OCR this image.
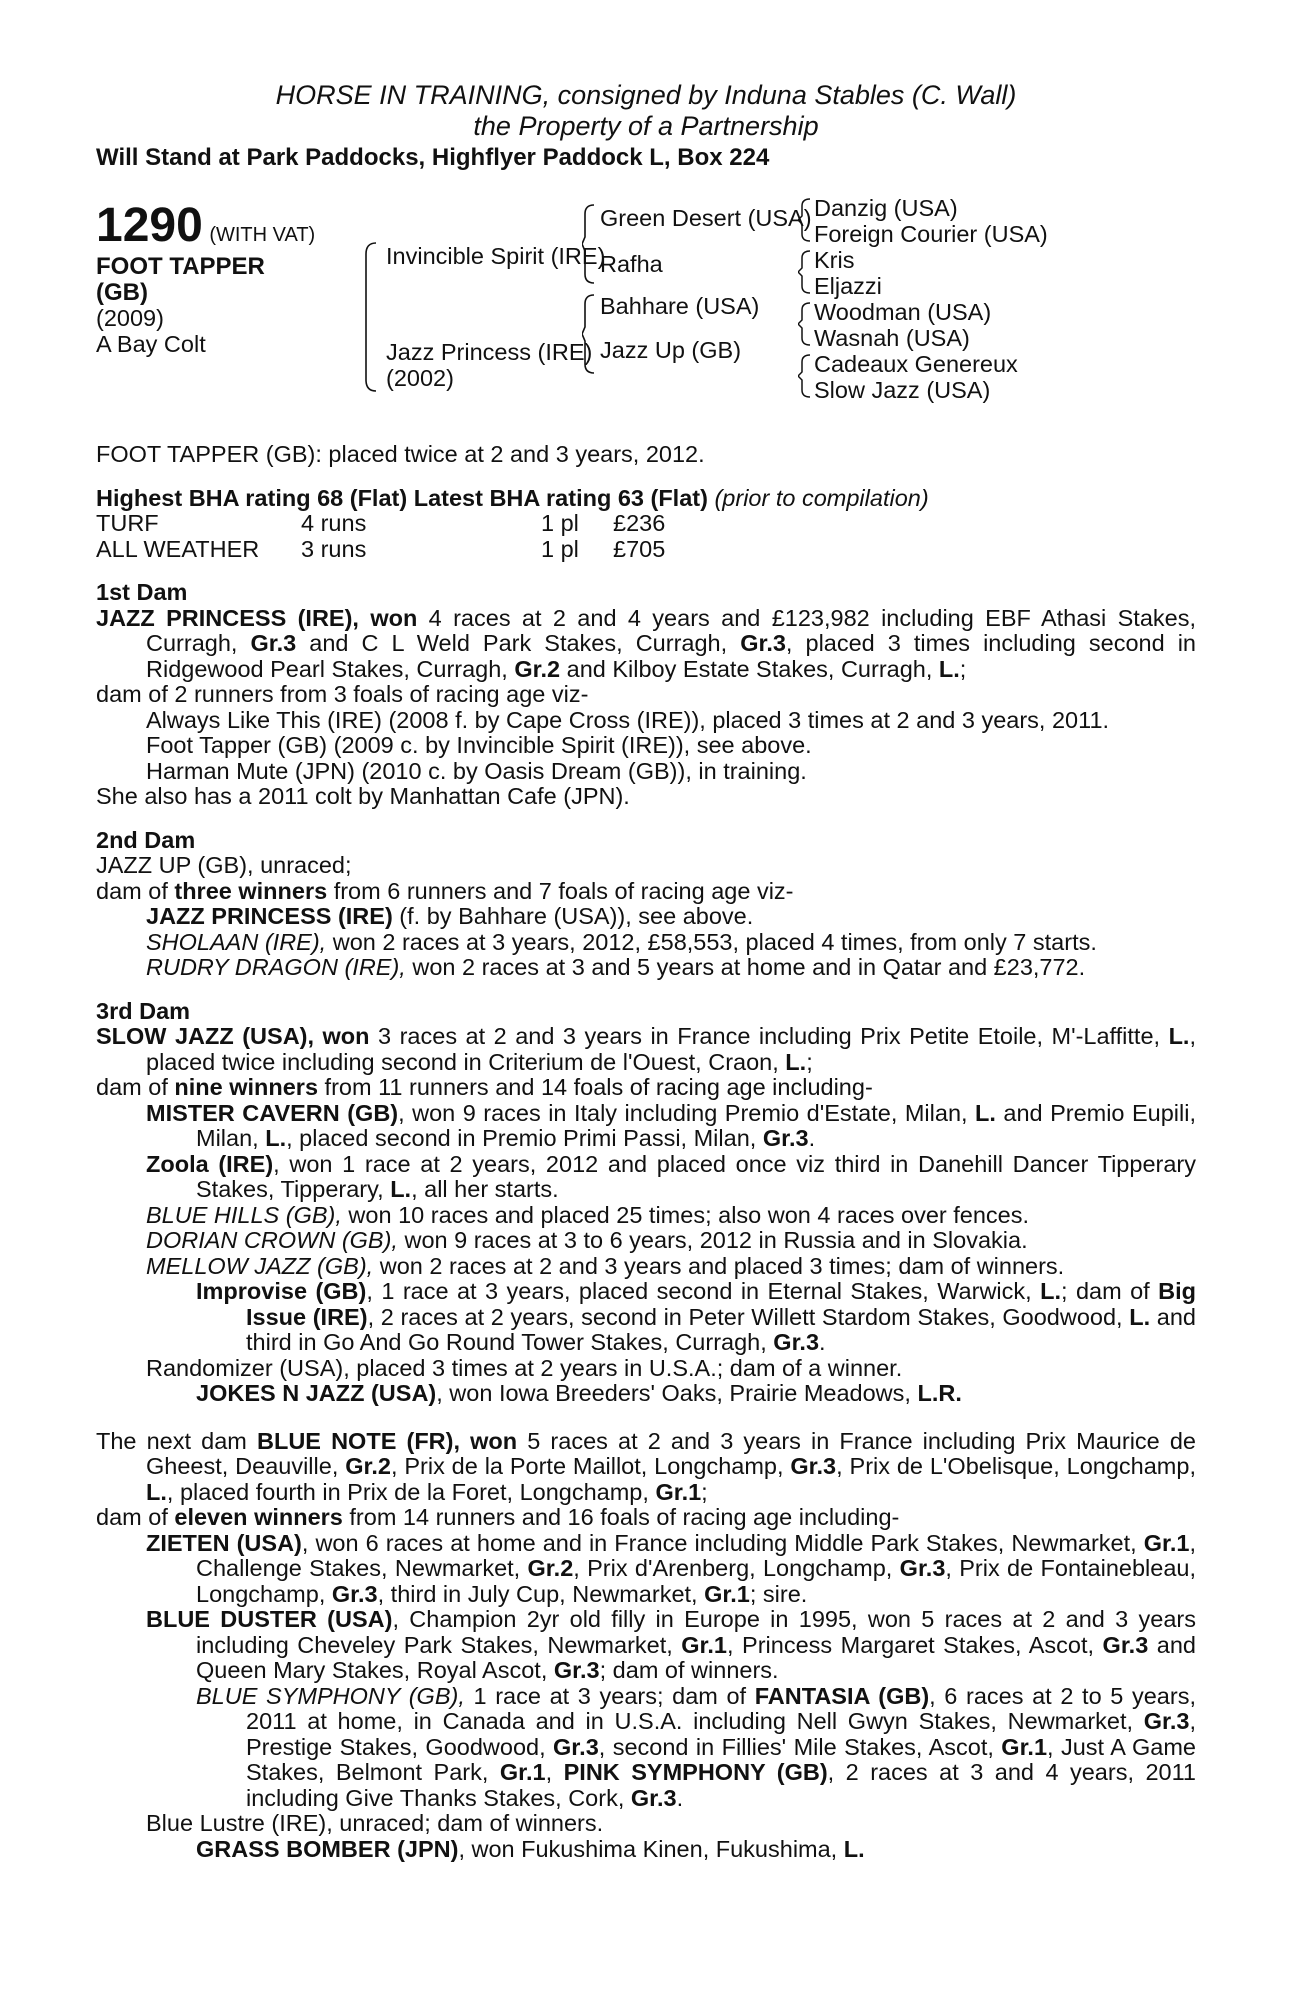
HORSE IN TRAINING, consigned by Induna Stables (C. Wall)
the Property of a Partnership
Will Stand at Park Paddocks, Highflyer Paddock L, Box 224
1290 (WITH VAT)
FOOT TAPPER
(GB)
(2009)
A Bay Colt
Invincible Spirit (IRE)
Jazz Princess (IRE)
(2002)
Green Desert (USA)
Rafha
Bahhare (USA)
Jazz Up (GB)
Danzig (USA)
Foreign Courier (USA)
Kris
Eljazzi
Woodman (USA)
Wasnah (USA)
Cadeaux Genereux
Slow Jazz (USA)

FOOT TAPPER (GB): placed twice at 2 and 3 years, 2012.

Highest BHA rating 68 (Flat) Latest BHA rating 63 (Flat) (prior to compilation)

TURF	4 runs	1 pl	£236
ALL WEATHER	3 runs	1 pl	£705

1st Dam

JAZZ PRINCESS (IRE), won 4 races at 2 and 4 years and £123,982 including EBF Athasi Stakes, Curragh, Gr.3 and C L Weld Park Stakes, Curragh, Gr.3, placed 3 times including second in Ridgewood Pearl Stakes, Curragh, Gr.2 and Kilboy Estate Stakes, Curragh, L.;

dam of 2 runners from 3 foals of racing age viz-

Always Like This (IRE) (2008 f. by Cape Cross (IRE)), placed 3 times at 2 and 3 years, 2011.

Foot Tapper (GB) (2009 c. by Invincible Spirit (IRE)), see above.

Harman Mute (JPN) (2010 c. by Oasis Dream (GB)), in training.

She also has a 2011 colt by Manhattan Cafe (JPN).

2nd Dam

JAZZ UP (GB), unraced;

dam of three winners from 6 runners and 7 foals of racing age viz-

JAZZ PRINCESS (IRE) (f. by Bahhare (USA)), see above.

SHOLAAN (IRE), won 2 races at 3 years, 2012, £58,553, placed 4 times, from only 7 starts.

RUDRY DRAGON (IRE), won 2 races at 3 and 5 years at home and in Qatar and £23,772.

3rd Dam

SLOW JAZZ (USA), won 3 races at 2 and 3 years in France including Prix Petite Etoile, M'-Laffitte, L., placed twice including second in Criterium de l'Ouest, Craon, L.;

dam of nine winners from 11 runners and 14 foals of racing age including-

MISTER CAVERN (GB), won 9 races in Italy including Premio d'Estate, Milan, L. and Premio Eupili, Milan, L., placed second in Premio Primi Passi, Milan, Gr.3.

Zoola (IRE), won 1 race at 2 years, 2012 and placed once viz third in Danehill Dancer Tipperary Stakes, Tipperary, L., all her starts.

BLUE HILLS (GB), won 10 races and placed 25 times; also won 4 races over fences.

DORIAN CROWN (GB), won 9 races at 3 to 6 years, 2012 in Russia and in Slovakia.

MELLOW JAZZ (GB), won 2 races at 2 and 3 years and placed 3 times; dam of winners.

Improvise (GB), 1 race at 3 years, placed second in Eternal Stakes, Warwick, L.; dam of Big Issue (IRE), 2 races at 2 years, second in Peter Willett Stardom Stakes, Goodwood, L. and third in Go And Go Round Tower Stakes, Curragh, Gr.3.

Randomizer (USA), placed 3 times at 2 years in U.S.A.; dam of a winner.

JOKES N JAZZ (USA), won Iowa Breeders' Oaks, Prairie Meadows, L.R.

The next dam BLUE NOTE (FR), won 5 races at 2 and 3 years in France including Prix Maurice de Gheest, Deauville, Gr.2, Prix de la Porte Maillot, Longchamp, Gr.3, Prix de L'Obelisque, Longchamp, L., placed fourth in Prix de la Foret, Longchamp, Gr.1;

dam of eleven winners from 14 runners and 16 foals of racing age including-

ZIETEN (USA), won 6 races at home and in France including Middle Park Stakes, Newmarket, Gr.1, Challenge Stakes, Newmarket, Gr.2, Prix d'Arenberg, Longchamp, Gr.3, Prix de Fontainebleau, Longchamp, Gr.3, third in July Cup, Newmarket, Gr.1; sire.

BLUE DUSTER (USA), Champion 2yr old filly in Europe in 1995, won 5 races at 2 and 3 years including Cheveley Park Stakes, Newmarket, Gr.1, Princess Margaret Stakes, Ascot, Gr.3 and Queen Mary Stakes, Royal Ascot, Gr.3; dam of winners.

BLUE SYMPHONY (GB), 1 race at 3 years; dam of FANTASIA (GB), 6 races at 2 to 5 years, 2011 at home, in Canada and in U.S.A. including Nell Gwyn Stakes, Newmarket, Gr.3, Prestige Stakes, Goodwood, Gr.3, second in Fillies' Mile Stakes, Ascot, Gr.1, Just A Game Stakes, Belmont Park, Gr.1, PINK SYMPHONY (GB), 2 races at 3 and 4 years, 2011 including Give Thanks Stakes, Cork, Gr.3.

Blue Lustre (IRE), unraced; dam of winners.

GRASS BOMBER (JPN), won Fukushima Kinen, Fukushima, L.
